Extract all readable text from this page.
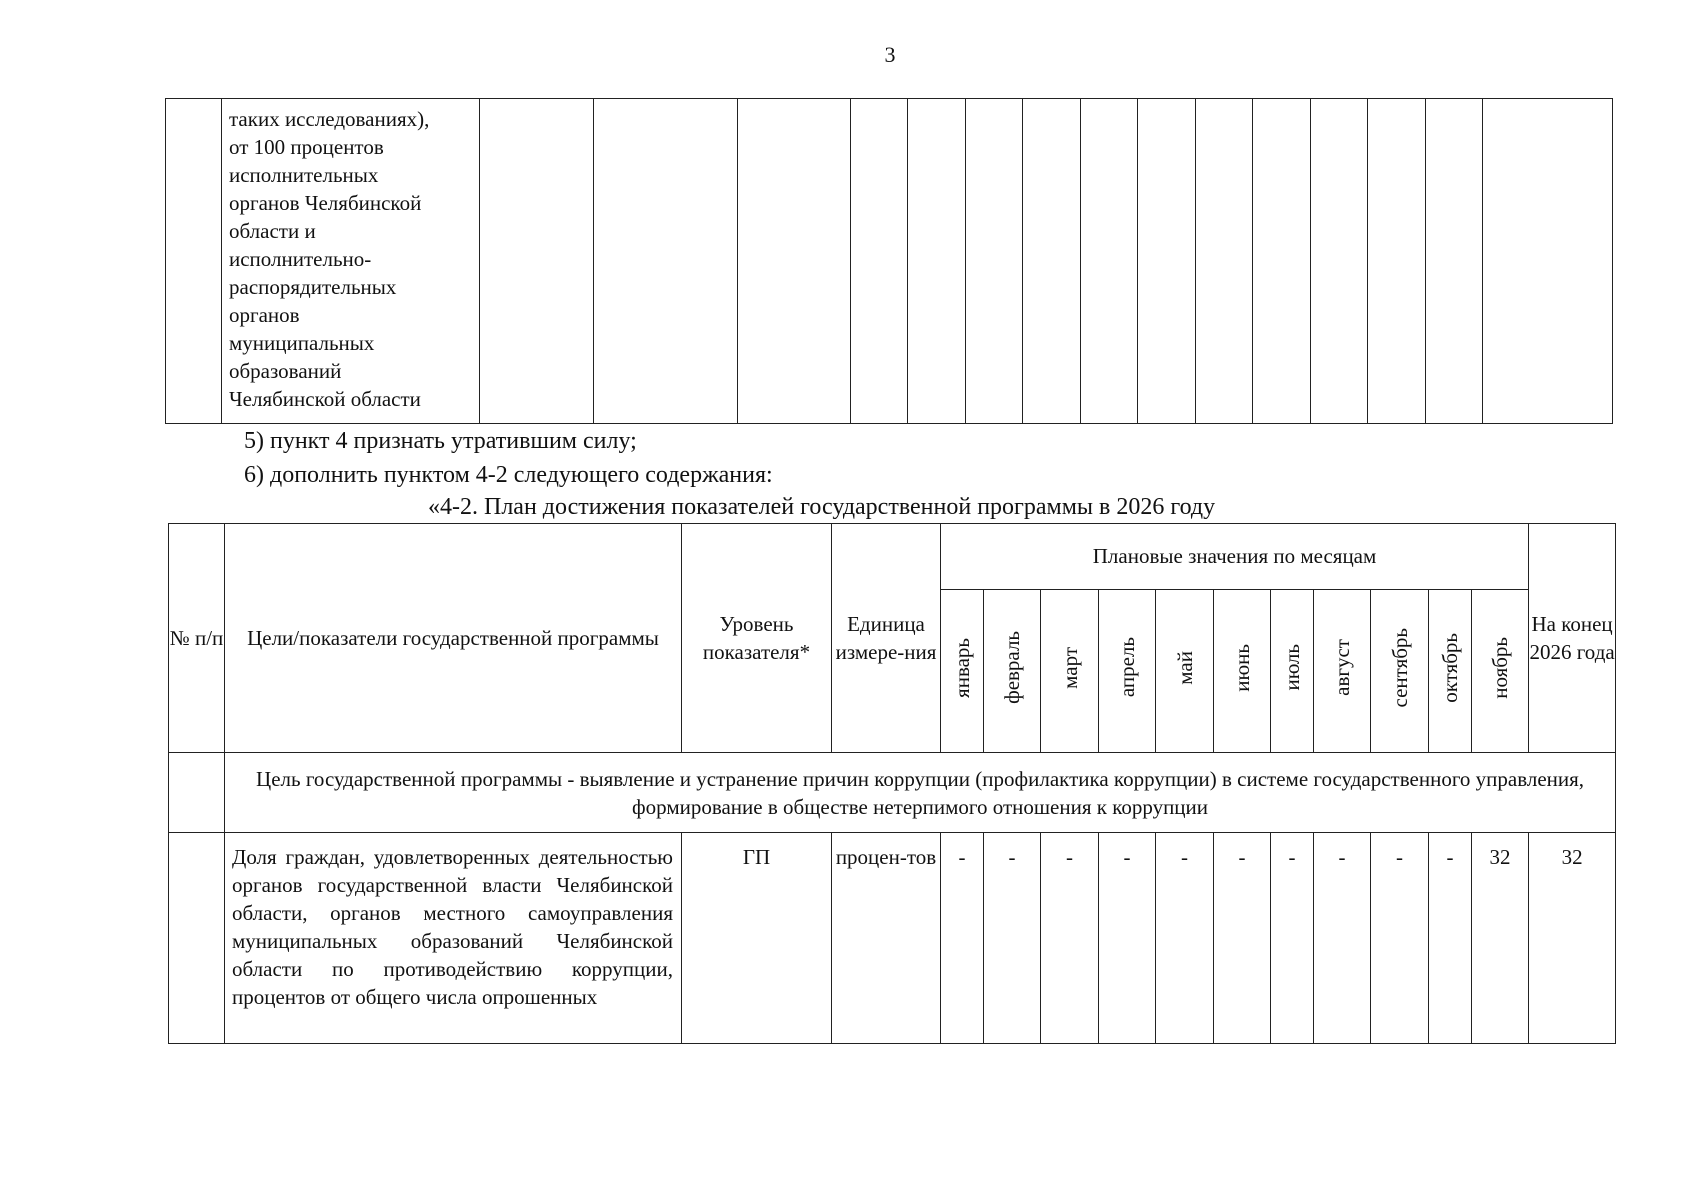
3

таких исследованиях),
от 100 процентов
исполнительных
органов Челябинской
области и
исполнительно-
распорядительных
органов
муниципальных
образований
Челябинской области

5) пункт 4 признать утратившим силу;
6) дополнить пунктом 4-2 следующего содержания:
«4-2. План достижения показателей государственной программы в 2026 году
№ п/п	Цели/показатели государственной программы	Уровень показателя*	Единица измере-ния	Плановые значения по месяцам											На конец 2026 года
				январь	февраль	март	апрель	май	июнь	июль	август	сентябрь	октябрь	ноябрь	
	Цель государственной программы - выявление и устранение причин коррупции (профилактика коррупции) в системе государственного управления, формирование в обществе нетерпимого отношения к коррупции														
	Доля граждан, удовлетворенных деятельностью органов государственной власти Челябинской области, органов местного самоуправления муниципальных образований Челябинской области по противодействию коррупции, процентов от общего числа опрошенных	ГП	процен-тов	-	-	-	-	-	-	-	-	-	-	32	32
